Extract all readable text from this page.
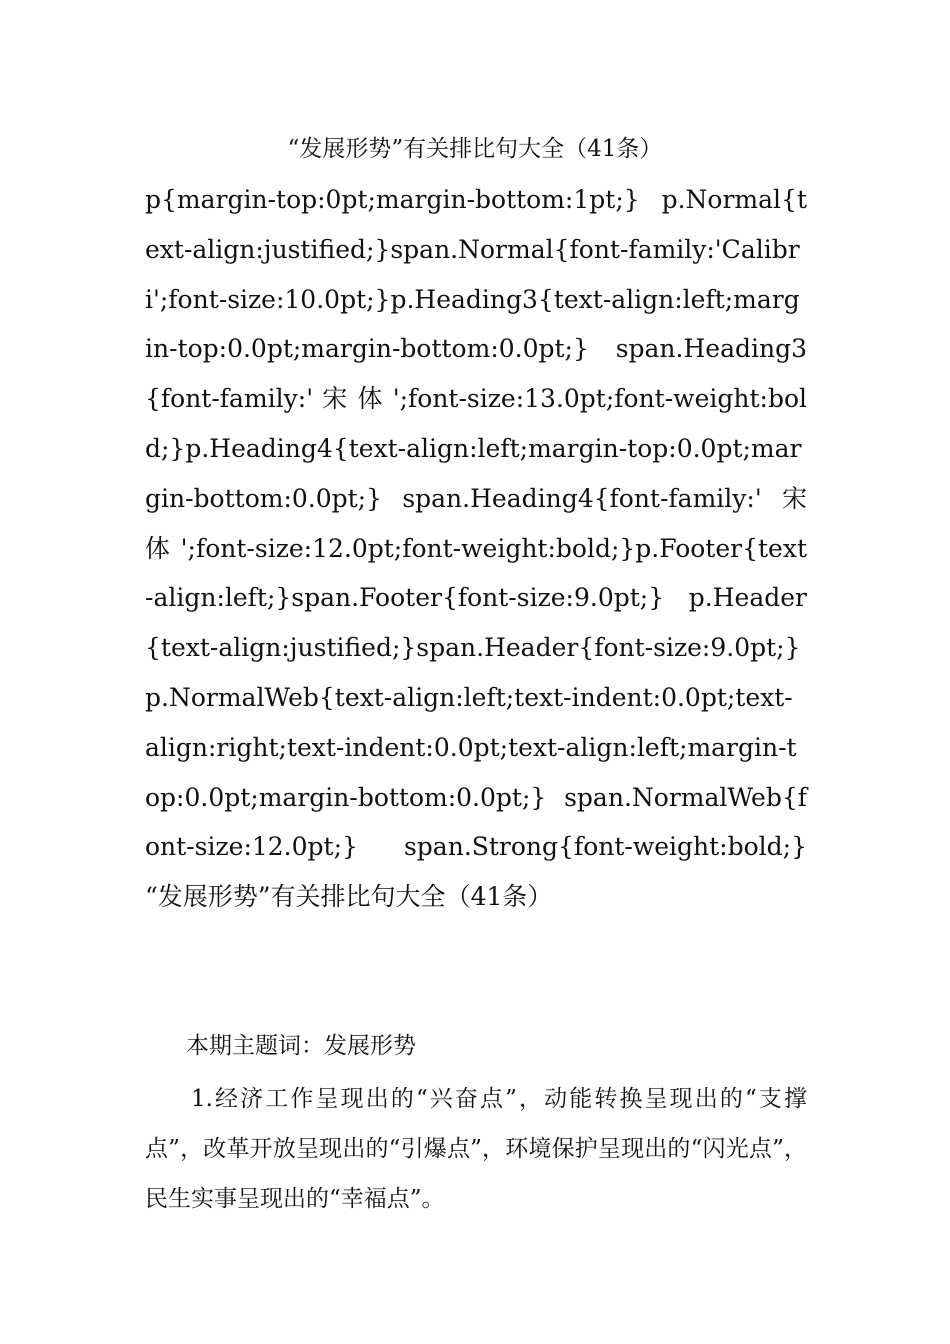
“发展形势”有关排比句大全（41条）

p{margin-top:0pt;margin-bottom:1pt;} p.Normal{text-align:justified;}span.Normal{font-family:'Calibri';font-size:10.0pt;}p.Heading3{text-align:left;margin-top:0.0pt;margin-bottom:0.0pt;} span.Heading3{font-family:' 宋 体 ';font-size:13.0pt;font-weight:bold;}p.Heading4{text-align:left;margin-top:0.0pt;margin-bottom:0.0pt;} span.Heading4{font-family:' 宋 体 ';font-size:12.0pt;font-weight:bold;}p.Footer{text-align:left;}span.Footer{font-size:9.0pt;} p.Header{text-align:justified;}span.Header{font-size:9.0pt;}p.NormalWeb{text-align:left;text-indent:0.0pt;text-align:right;text-indent:0.0pt;text-align:left;margin-top:0.0pt;margin-bottom:0.0pt;} span.NormalWeb{font-size:12.0pt;} span.Strong{font-weight:bold;} “发展形势”有关排比句大全（41条）

本期主题词：发展形势

1.经济工作呈现出的“兴奋点”，动能转换呈现出的“支撑点”，改革开放呈现出的“引爆点”，环境保护呈现出的“闪光点”，民生实事呈现出的“幸福点”。
